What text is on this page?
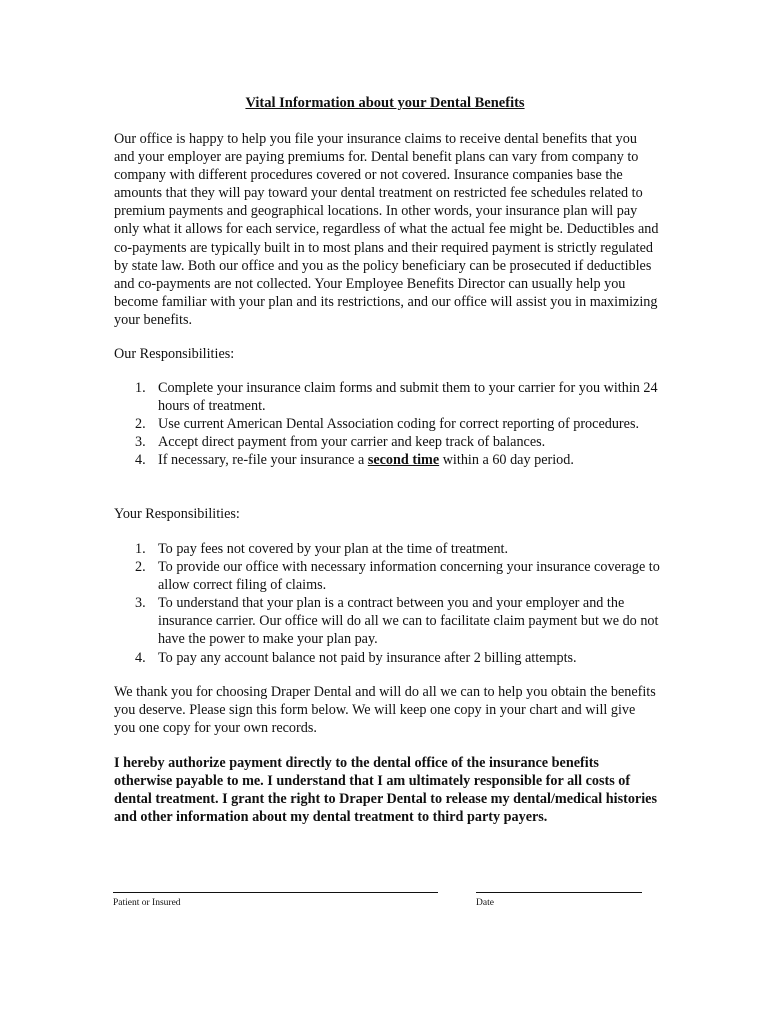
Vital Information about your Dental Benefits
Our office is happy to help you file your insurance claims to receive dental benefits that you and your employer are paying premiums for. Dental benefit plans can vary from company to company with different procedures covered or not covered. Insurance companies base the amounts that they will pay toward your dental treatment on restricted fee schedules related to premium payments and geographical locations. In other words, your insurance plan will pay only what it allows for each service, regardless of what the actual fee might be. Deductibles and co-payments are typically built in to most plans and their required payment is strictly regulated by state law. Both our office and you as the policy beneficiary can be prosecuted if deductibles and co-payments are not collected. Your Employee Benefits Director can usually help you become familiar with your plan and its restrictions, and our office will assist you in maximizing your benefits.
Our Responsibilities:
1. Complete your insurance claim forms and submit them to your carrier for you within 24 hours of treatment.
2. Use current American Dental Association coding for correct reporting of procedures.
3. Accept direct payment from your carrier and keep track of balances.
4. If necessary, re-file your insurance a second time within a 60 day period.
Your Responsibilities:
1. To pay fees not covered by your plan at the time of treatment.
2. To provide our office with necessary information concerning your insurance coverage to allow correct filing of claims.
3. To understand that your plan is a contract between you and your employer and the insurance carrier. Our office will do all we can to facilitate claim payment but we do not have the power to make your plan pay.
4. To pay any account balance not paid by insurance after 2 billing attempts.
We thank you for choosing Draper Dental and will do all we can to help you obtain the benefits you deserve. Please sign this form below. We will keep one copy in your chart and will give you one copy for your own records.
I hereby authorize payment directly to the dental office of the insurance benefits otherwise payable to me. I understand that I am ultimately responsible for all costs of dental treatment. I grant the right to Draper Dental to release my dental/medical histories and other information about my dental treatment to third party payers.
Patient or Insured	Date
